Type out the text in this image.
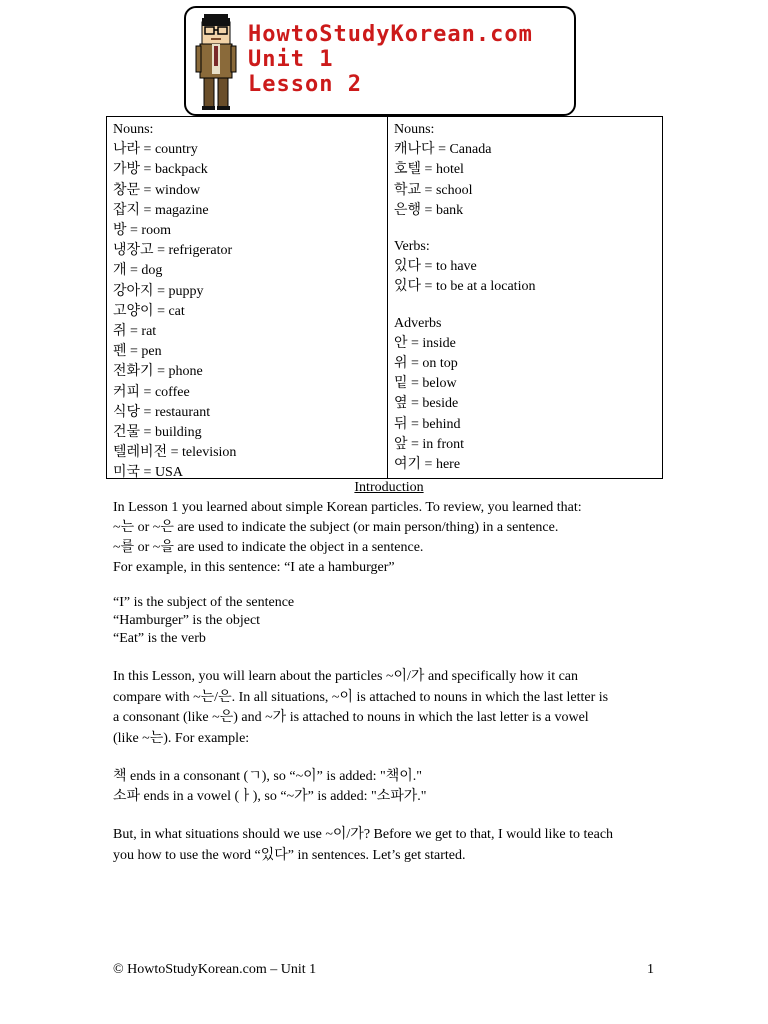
HowtoStudyKorean.com
Unit 1
Lesson 2
Nouns:
나라 = country
가방 = backpack
창문 = window
잡지 = magazine
방 = room
냉장고 = refrigerator
개 = dog
강아지 = puppy
고양이 = cat
쥐 = rat
펜 = pen
전화기 = phone
커피 = coffee
식당 = restaurant
건물 = building
텔레비전 = television
미국 = USA
Nouns:
캐나다 = Canada
호텔 = hotel
학교 = school
은행 = bank
Verbs:
있다 = to have
있다 = to be at a location
Adverbs
안 = inside
위 = on top
밑 = below
옆 = beside
뒤 = behind
앞 = in front
여기 = here
Introduction
In Lesson 1 you learned about simple Korean particles. To review, you learned that:
~는 or ~은 are used to indicate the subject (or main person/thing) in a sentence.
~를 or ~을 are used to indicate the object in a sentence.
For example, in this sentence: “I ate a hamburger”
“I” is the subject of the sentence
“Hamburger” is the object
“Eat” is the verb
In this Lesson, you will learn about the particles ~이/가 and specifically how it can
compare with ~는/은. In all situations, ~이 is attached to nouns in which the last letter is
a consonant (like ~은) and ~가 is attached to nouns in which the last letter is a vowel
(like ~는). For example:
책 ends in a consonant (ㄱ), so “~이” is added: "책이."
소파 ends in a vowel (ㅏ), so “~가” is added: "소파가."
But, in what situations should we use ~이/가? Before we get to that, I would like to teach
you how to use the word “있다” in sentences. Let’s get started.
© HowtoStudyKorean.com – Unit 1	1
